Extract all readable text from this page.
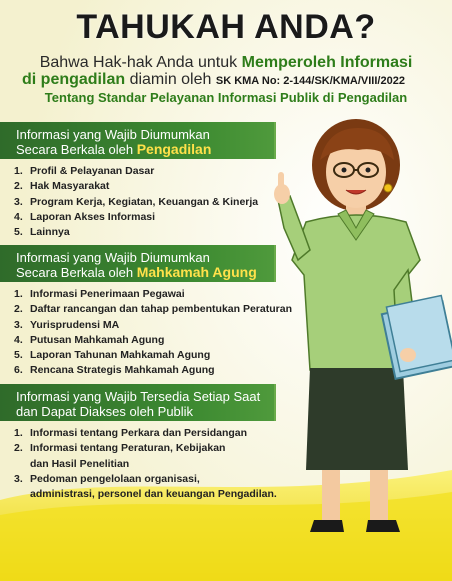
TAHUKAH ANDA?
Bahwa Hak-hak Anda untuk Memperoleh Informasi
di pengadilan diamin oleh SK KMA No: 2-144/SK/KMA/VIII/2022
Tentang Standar Pelayanan Informasi Publik di Pengadilan
Informasi yang Wajib Diumumkan
Secara Berkala oleh Pengadilan
1. Profil & Pelayanan Dasar
2. Hak Masyarakat
3. Program Kerja, Kegiatan, Keuangan & Kinerja
4. Laporan Akses Informasi
5. Lainnya
Informasi yang Wajib Diumumkan
Secara Berkala oleh Mahkamah Agung
1. Informasi Penerimaan Pegawai
2. Daftar rancangan dan tahap pembentukan Peraturan
3. Yurisprudensi MA
4. Putusan Mahkamah Agung
5. Laporan Tahunan Mahkamah Agung
6. Rencana Strategis Mahkamah Agung
Informasi yang Wajib Tersedia Setiap Saat
dan Dapat Diakses oleh Publik
1. Informasi tentang Perkara dan Persidangan
2. Informasi tentang Peraturan, Kebijakan
dan Hasil Penelitian
3. Pedoman pengelolaan organisasi,
administrasi, personel dan keuangan Pengadilan.
